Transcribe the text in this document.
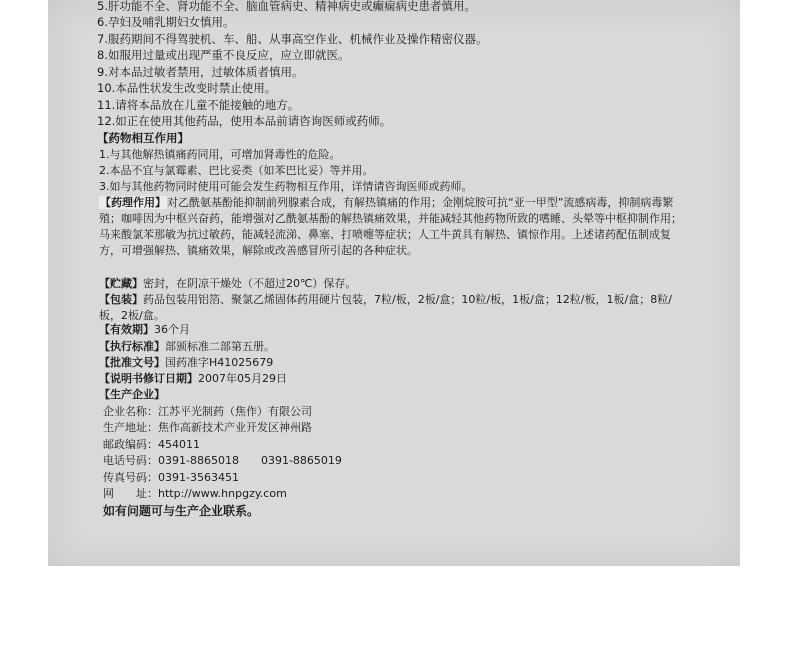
5.肝功能不全、肾功能不全、脑血管病史、精神病史或癫痫病史患者慎用。
6.孕妇及哺乳期妇女慎用。
7.服药期间不得驾驶机、车、船、从事高空作业、机械作业及操作精密仪器。
8.如服用过量或出现严重不良反应，应立即就医。
9.对本品过敏者禁用，过敏体质者慎用。
10.本品性状发生改变时禁止使用。
11.请将本品放在儿童不能接触的地方。
12.如正在使用其他药品，使用本品前请咨询医师或药师。
【药物相互作用】
1.与其他解热镇痛药同用，可增加肾毒性的危险。
2.本品不宜与氯霉素、巴比妥类（如苯巴比妥）等并用。
3.如与其他药物同时使用可能会发生药物相互作用，详情请咨询医师或药师。
【药理作用】对乙酰氨基酚能抑制前列腺素合成，有解热镇痛的作用；金刚烷胺可抗“亚一甲型”流感病毒，抑制病毒繁殖；咖啡因为中枢兴奋药，能增强对乙酰氨基酚的解热镇痛效果，并能减轻其他药物所致的嗜睡、头晕等中枢抑制作用；马来酸氯苯那敏为抗过敏药，能减轻流涕、鼻塞、打喷嚏等症状；人工牛黄具有解热、镇惊作用。上述诸药配伍制成复方，可增强解热、镇痛效果，解除或改善感冒所引起的各种症状。
【贮藏】密封，在阴凉干燥处（不超过20℃）保存。
【包装】药品包装用铝箔、聚氯乙烯固体药用硬片包装，7粒/板，2板/盒；10粒/板，1板/盒；12粒/板，1板/盒；8粒/板，2板/盒。
【有效期】36个月
【执行标准】部颁标准二部第五册。
【批准文号】国药准字H41025679
【说明书修订日期】2007年05月29日
【生产企业】
企业名称：江苏平光制药（焦作）有限公司
生产地址：焦作高新技术产业开发区神州路
邮政编码：454011
电话号码：0391-8865018　　0391-8865019
传真号码：0391-3563451
网　　址：http://www.hnpgzy.com
如有问题可与生产企业联系。
